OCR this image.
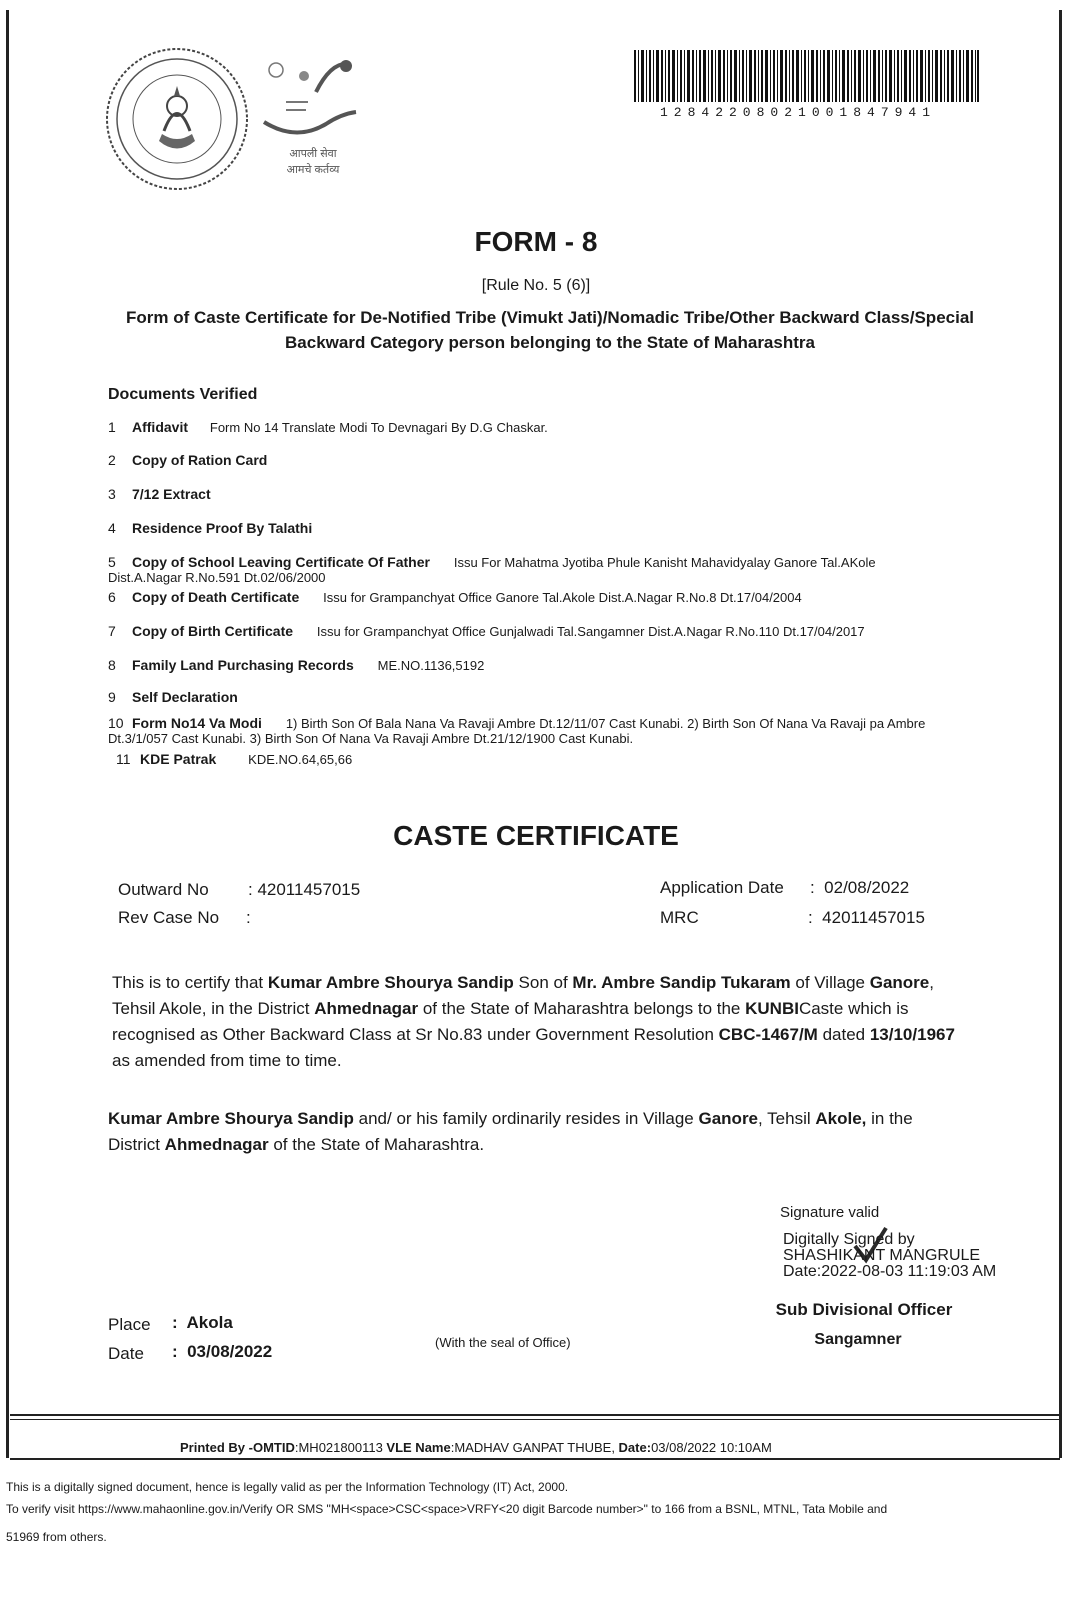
आपली सेवा
आमचे कर्तव्य
12842208021001847941
FORM - 8
[Rule No. 5 (6)]
Form of Caste Certificate for De-Notified Tribe (Vimukt Jati)/Nomadic Tribe/Other Backward Class/Special Backward Category person belonging to the State of Maharashtra
Documents Verified
1 Affidavit Form No 14 Translate Modi To Devnagari By D.G Chaskar.
2 Copy of Ration Card
3 7/12 Extract
4 Residence Proof By Talathi
5 Copy of School Leaving Certificate Of Father Issu For Mahatma Jyotiba Phule Kanisht Mahavidyalay Ganore Tal.AKole Dist.A.Nagar R.No.591 Dt.02/06/2000
6 Copy of Death Certificate Issu for Grampanchyat Office Ganore Tal.Akole Dist.A.Nagar R.No.8 Dt.17/04/2004
7 Copy of Birth Certificate Issu for Grampanchyat Office Gunjalwadi Tal.Sangamner Dist.A.Nagar R.No.110 Dt.17/04/2017
8 Family Land Purchasing Records ME.NO.1136,5192
9 Self Declaration
10 Form No14 Va Modi 1) Birth Son Of Bala Nana Va Ravaji Ambre Dt.12/11/07 Cast Kunabi. 2) Birth Son Of Nana Va Ravaji pa Ambre Dt.3/1/057 Cast Kunabi. 3) Birth Son Of Nana Va Ravaji Ambre Dt.21/12/1900 Cast Kunabi.
11 KDE Patrak KDE.NO.64,65,66
CASTE CERTIFICATE
Outward No : 42011457015
Rev Case No :
Application Date :  02/08/2022
MRC	:  42011457015
This is to certify that Kumar Ambre Shourya Sandip Son of Mr. Ambre Sandip Tukaram of Village Ganore, Tehsil Akole, in the District Ahmednagar of the State of Maharashtra belongs to the KUNBICaste which is recognised as Other Backward Class at Sr No.83 under Government Resolution CBC-1467/M dated 13/10/1967 as amended from time to time.
Kumar Ambre Shourya Sandip and/ or his family ordinarily resides in Village Ganore, Tehsil Akole, in the District Ahmednagar of the State of Maharashtra.
Signature valid
Digitally Signed by
SHASHIKANT MANGRULE
Date:2022-08-03 11:19:03 AM
Sub Divisional Officer
Sangamner
Place :  Akola
Date :  03/08/2022	(With the seal of Office)
Printed By -OMTID:MH021800113 VLE Name:MADHAV GANPAT THUBE, Date:03/08/2022 10:10AM
This is a digitally signed document, hence is legally valid as per the Information Technology (IT) Act, 2000.
To verify visit https://www.mahaonline.gov.in/Verify OR SMS "MH<space>CSC<space>VRFY<20 digit Barcode number>" to 166 from a BSNL, MTNL, Tata Mobile and
51969 from others.
